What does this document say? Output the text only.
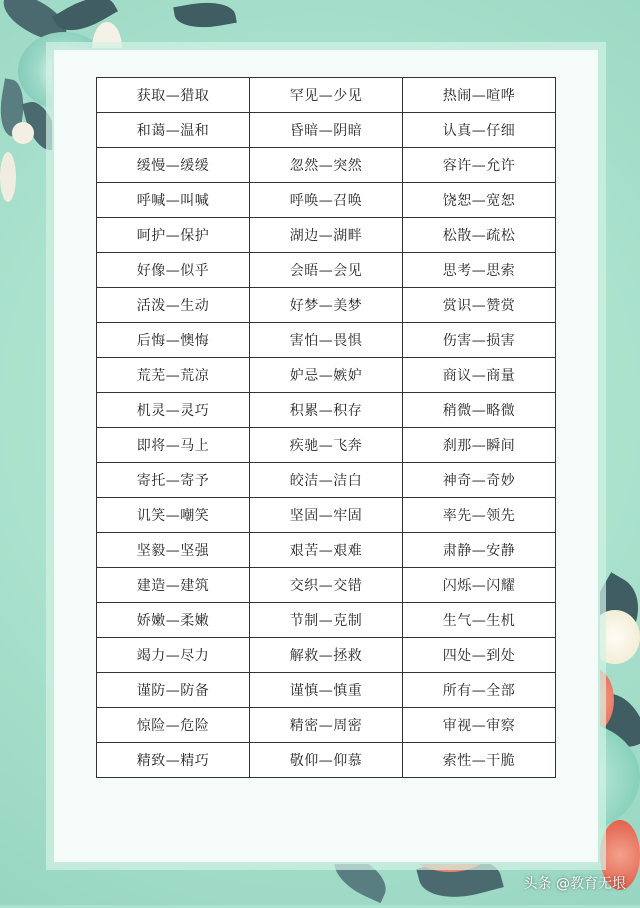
获取—猎取	罕见—少见	热闹—喧哗
和蔼—温和	昏暗—阴暗	认真—仔细
缓慢—缓缓	忽然—突然	容许—允许
呼喊—叫喊	呼唤—召唤	饶恕—宽恕
呵护—保护	湖边—湖畔	松散—疏松
好像—似乎	会晤—会见	思考—思索
活泼—生动	好梦—美梦	赏识—赞赏
后悔—懊悔	害怕—畏惧	伤害—损害
荒芜—荒凉	妒忌—嫉妒	商议—商量
机灵—灵巧	积累—积存	稍微—略微
即将—马上	疾驰—飞奔	刹那—瞬间
寄托—寄予	皎洁—洁白	神奇—奇妙
讥笑—嘲笑	坚固—牢固	率先—领先
坚毅—坚强	艰苦—艰难	肃静—安静
建造—建筑	交织—交错	闪烁—闪耀
娇嫩—柔嫩	节制—克制	生气—生机
竭力—尽力	解救—拯救	四处—到处
谨防—防备	谨慎—慎重	所有—全部
惊险—危险	精密—周密	审视—审察
精致—精巧	敬仰—仰慕	索性—干脆
头条 @教育无垠
